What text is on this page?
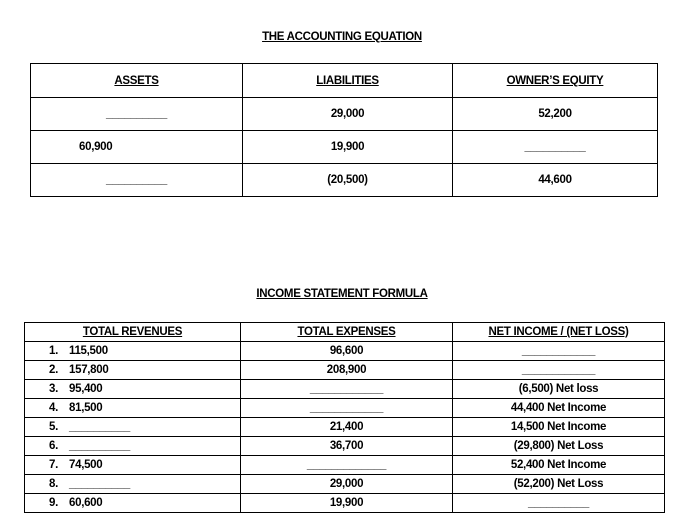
THE ACCOUNTING EQUATION
ASSETS	LIABILITIES	OWNER’S EQUITY
__________	29,000	52,200
60,900	19,900	__________
__________	(20,500)	44,600
INCOME STATEMENT FORMULA
TOTAL REVENUES	TOTAL EXPENSES	NET INCOME / (NET LOSS)
1. 115,500	96,600	____________
2. 157,800	208,900	____________
3. 95,400	____________	(6,500) Net loss
4. 81,500	____________	44,400 Net Income
5. __________	21,400	14,500 Net Income
6. __________	36,700	(29,800) Net Loss
7. 74,500	_____________	52,400 Net Income
8. __________	29,000	(52,200) Net Loss
9. 60,600	19,900	__________
